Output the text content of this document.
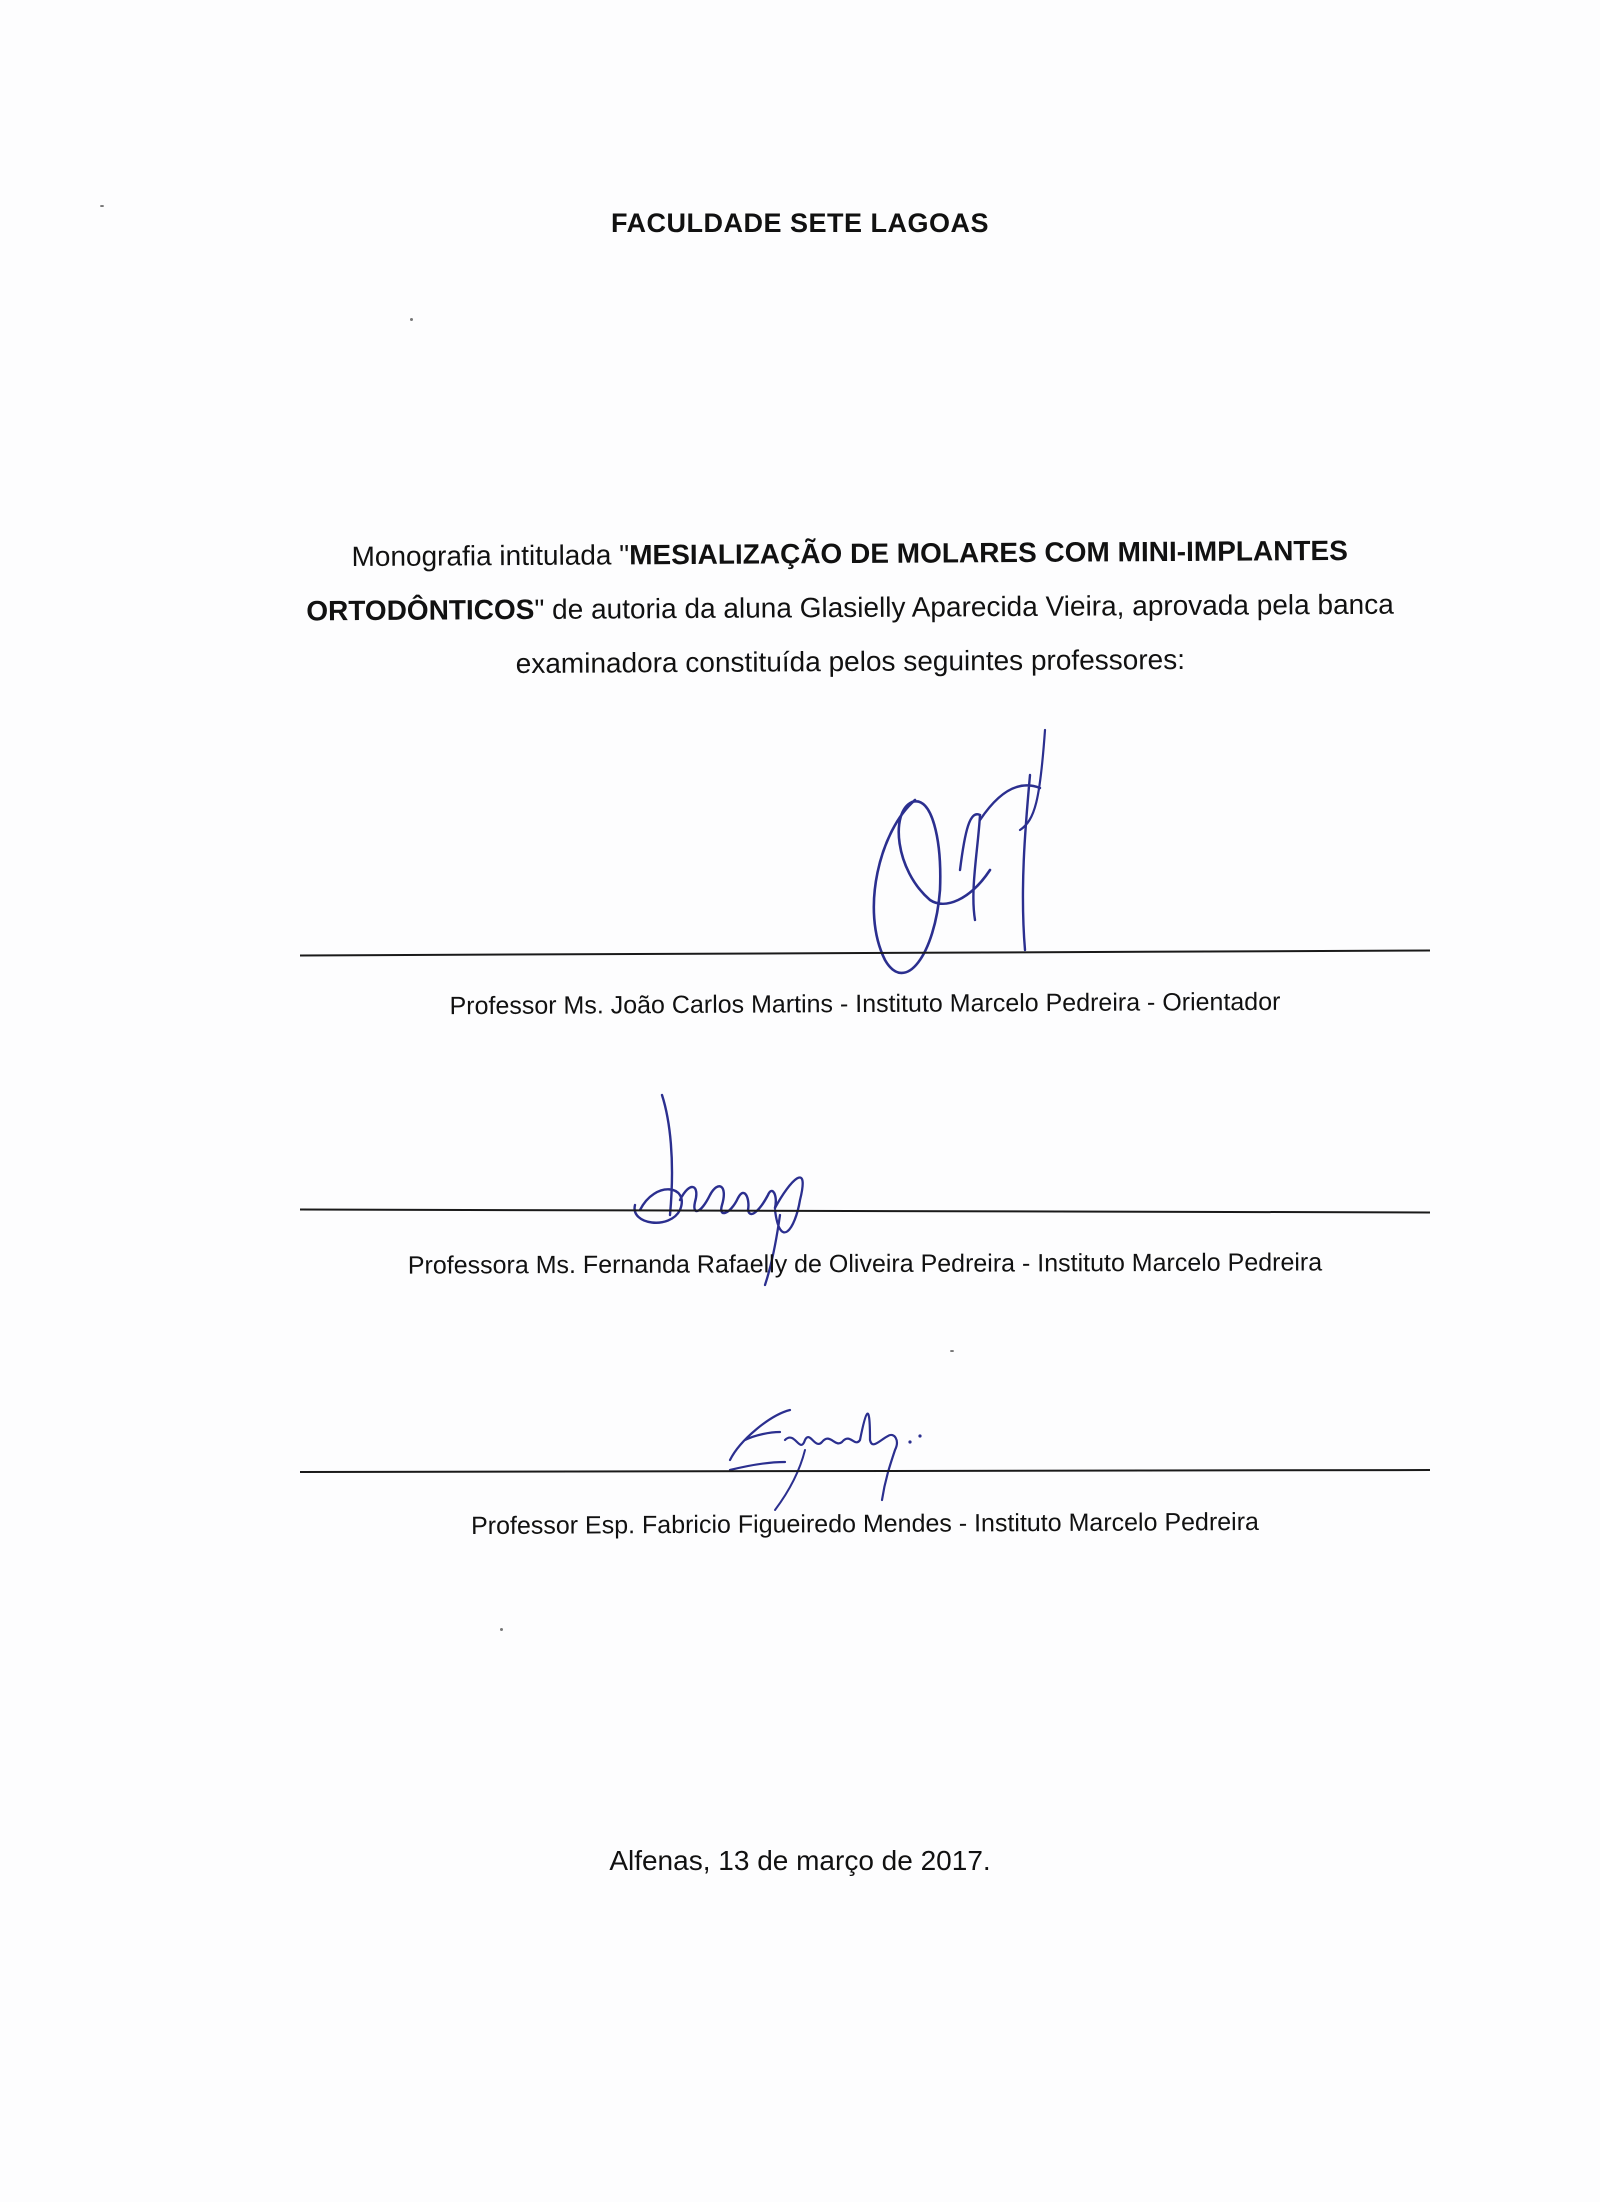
FACULDADE SETE LAGOAS
Monografia intitulada "MESIALIZAÇÃO DE MOLARES COM MINI-IMPLANTES ORTODÔNTICOS" de autoria da aluna Glasielly Aparecida Vieira, aprovada pela banca examinadora constituída pelos seguintes professores:
Professor Ms. João Carlos Martins - Instituto Marcelo Pedreira - Orientador
Professora Ms. Fernanda Rafaelly de Oliveira Pedreira - Instituto Marcelo Pedreira
Professor Esp. Fabricio Figueiredo Mendes - Instituto Marcelo Pedreira
Alfenas, 13 de março de 2017.
